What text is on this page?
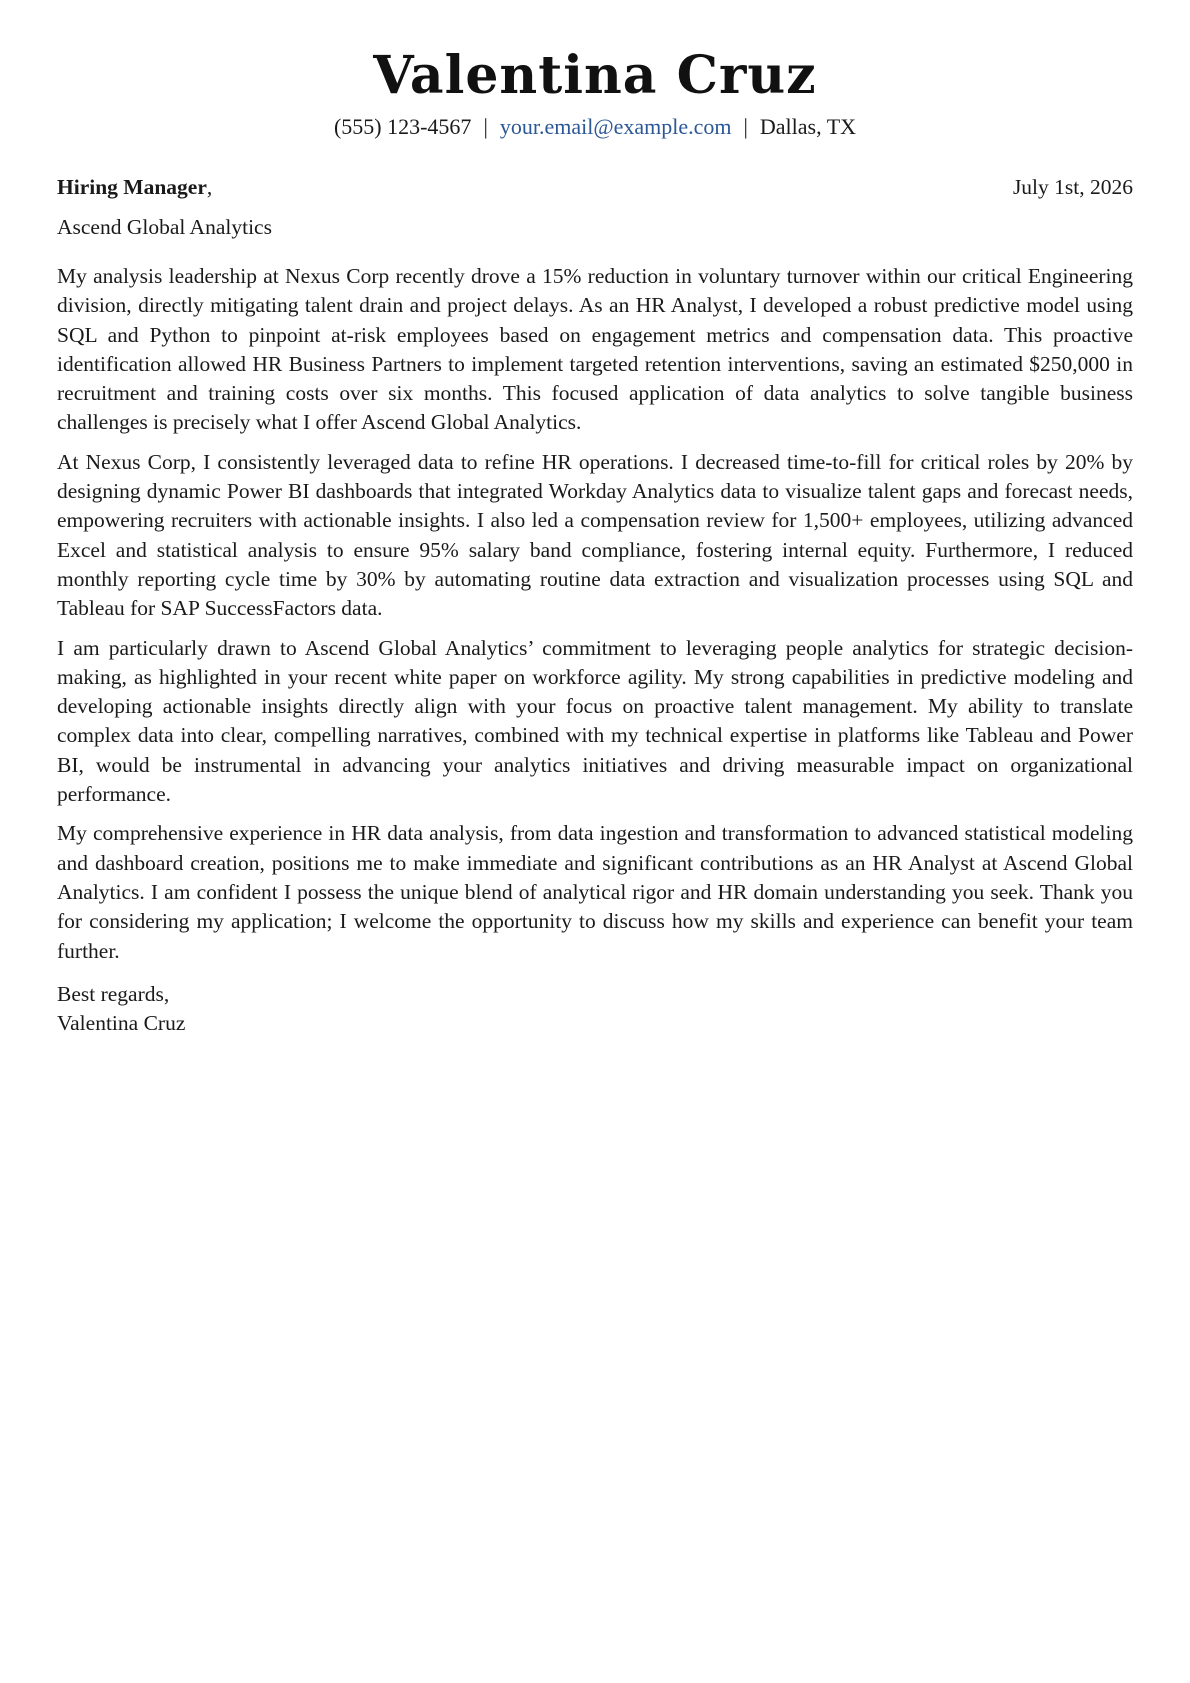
Valentina Cruz
(555) 123-4567 | your.email@example.com | Dallas, TX
Hiring Manager,	July 1st, 2026
Ascend Global Analytics

My analysis leadership at Nexus Corp recently drove a 15% reduction in voluntary turnover within our critical Engineering division, directly mitigating talent drain and project delays. As an HR Analyst, I developed a robust predictive model using SQL and Python to pinpoint at-risk employees based on engagement metrics and compensation data. This proactive identification allowed HR Business Partners to implement targeted retention interventions, saving an estimated $250,000 in recruitment and training costs over six months. This focused application of data analytics to solve tangible business challenges is precisely what I offer Ascend Global Analytics.

At Nexus Corp, I consistently leveraged data to refine HR operations. I decreased time-to-fill for critical roles by 20% by designing dynamic Power BI dashboards that integrated Workday Analytics data to visualize talent gaps and forecast needs, empowering recruiters with actionable insights. I also led a compensation review for 1,500+ employees, utilizing advanced Excel and statistical analysis to ensure 95% salary band compliance, fostering internal equity. Furthermore, I reduced monthly reporting cycle time by 30% by automating routine data extraction and visualization processes using SQL and Tableau for SAP SuccessFactors data.

I am particularly drawn to Ascend Global Analytics’ commitment to leveraging people analytics for strategic decision-making, as highlighted in your recent white paper on workforce agility. My strong capabilities in predictive modeling and developing actionable insights directly align with your focus on proactive talent management. My ability to translate complex data into clear, compelling narratives, combined with my technical expertise in platforms like Tableau and Power BI, would be instrumental in advancing your analytics initiatives and driving measurable impact on organizational performance.

My comprehensive experience in HR data analysis, from data ingestion and transformation to advanced statistical modeling and dashboard creation, positions me to make immediate and significant contributions as an HR Analyst at Ascend Global Analytics. I am confident I possess the unique blend of analytical rigor and HR domain understanding you seek. Thank you for considering my application; I welcome the opportunity to discuss how my skills and experience can benefit your team further.

Best regards,
Valentina Cruz
